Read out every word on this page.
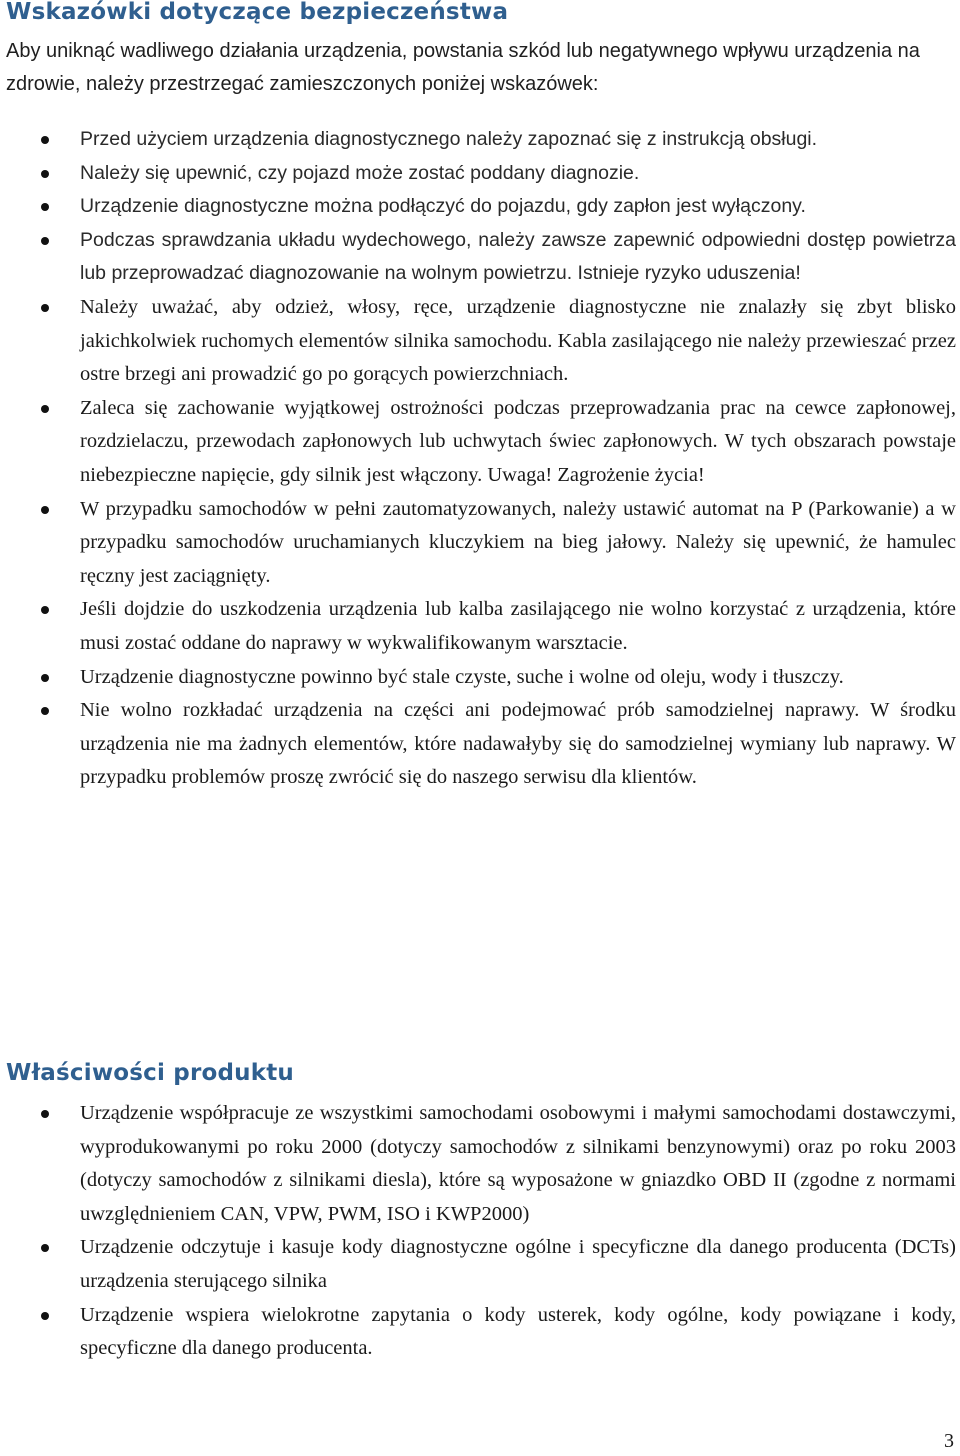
Wskazówki dotyczące bezpieczeństwa

Aby uniknąć wadliwego działania urządzenia, powstania szkód lub negatywnego wpływu urządzenia na zdrowie, należy przestrzegać zamieszczonych poniżej wskazówek:

Przed użyciem urządzenia diagnostycznego należy zapoznać się z instrukcją obsługi.
Należy się upewnić, czy pojazd może zostać poddany diagnozie.
Urządzenie diagnostyczne można podłączyć do pojazdu, gdy zapłon jest wyłączony.
Podczas sprawdzania układu wydechowego, należy zawsze zapewnić odpowiedni dostęp powietrza lub przeprowadzać diagnozowanie na wolnym powietrzu. Istnieje ryzyko uduszenia!
Należy uważać, aby odzież, włosy, ręce, urządzenie diagnostyczne nie znalazły się zbyt blisko jakichkolwiek ruchomych elementów silnika samochodu. Kabla zasilającego nie należy przewieszać przez ostre brzegi ani prowadzić go po gorących powierzchniach.
Zaleca się zachowanie wyjątkowej ostrożności podczas przeprowadzania prac na cewce zapłonowej, rozdzielaczu, przewodach zapłonowych lub uchwytach świec zapłonowych. W tych obszarach powstaje niebezpieczne napięcie, gdy silnik jest włączony. Uwaga! Zagrożenie życia!
W przypadku samochodów w pełni zautomatyzowanych, należy ustawić automat na P (Parkowanie) a w przypadku samochodów uruchamianych kluczykiem na bieg jałowy. Należy się upewnić, że hamulec ręczny jest zaciągnięty.
Jeśli dojdzie do uszkodzenia urządzenia lub kalba zasilającego nie wolno korzystać z urządzenia, które musi zostać oddane do naprawy w wykwalifikowanym warsztacie.
Urządzenie diagnostyczne powinno być stale czyste, suche i wolne od oleju, wody i tłuszczy.
Nie wolno rozkładać urządzenia na części ani podejmować prób samodzielnej naprawy. W środku urządzenia nie ma żadnych elementów, które nadawałyby się do samodzielnej wymiany lub naprawy. W przypadku problemów proszę zwrócić się do naszego serwisu dla klientów.
Właściwości produktu
Urządzenie współpracuje ze wszystkimi samochodami osobowymi i małymi samochodami dostawczymi, wyprodukowanymi po roku 2000 (dotyczy samochodów z silnikami benzynowymi) oraz po roku 2003 (dotyczy samochodów z silnikami diesla), które są wyposażone w gniazdko OBD II (zgodne z normami uwzględnieniem CAN, VPW, PWM, ISO i KWP2000)
Urządzenie odczytuje i kasuje kody diagnostyczne ogólne i specyficzne dla danego producenta (DCTs) urządzenia sterującego silnika
Urządzenie wspiera wielokrotne zapytania o kody usterek, kody ogólne, kody powiązane i kody, specyficzne dla danego producenta.
3
